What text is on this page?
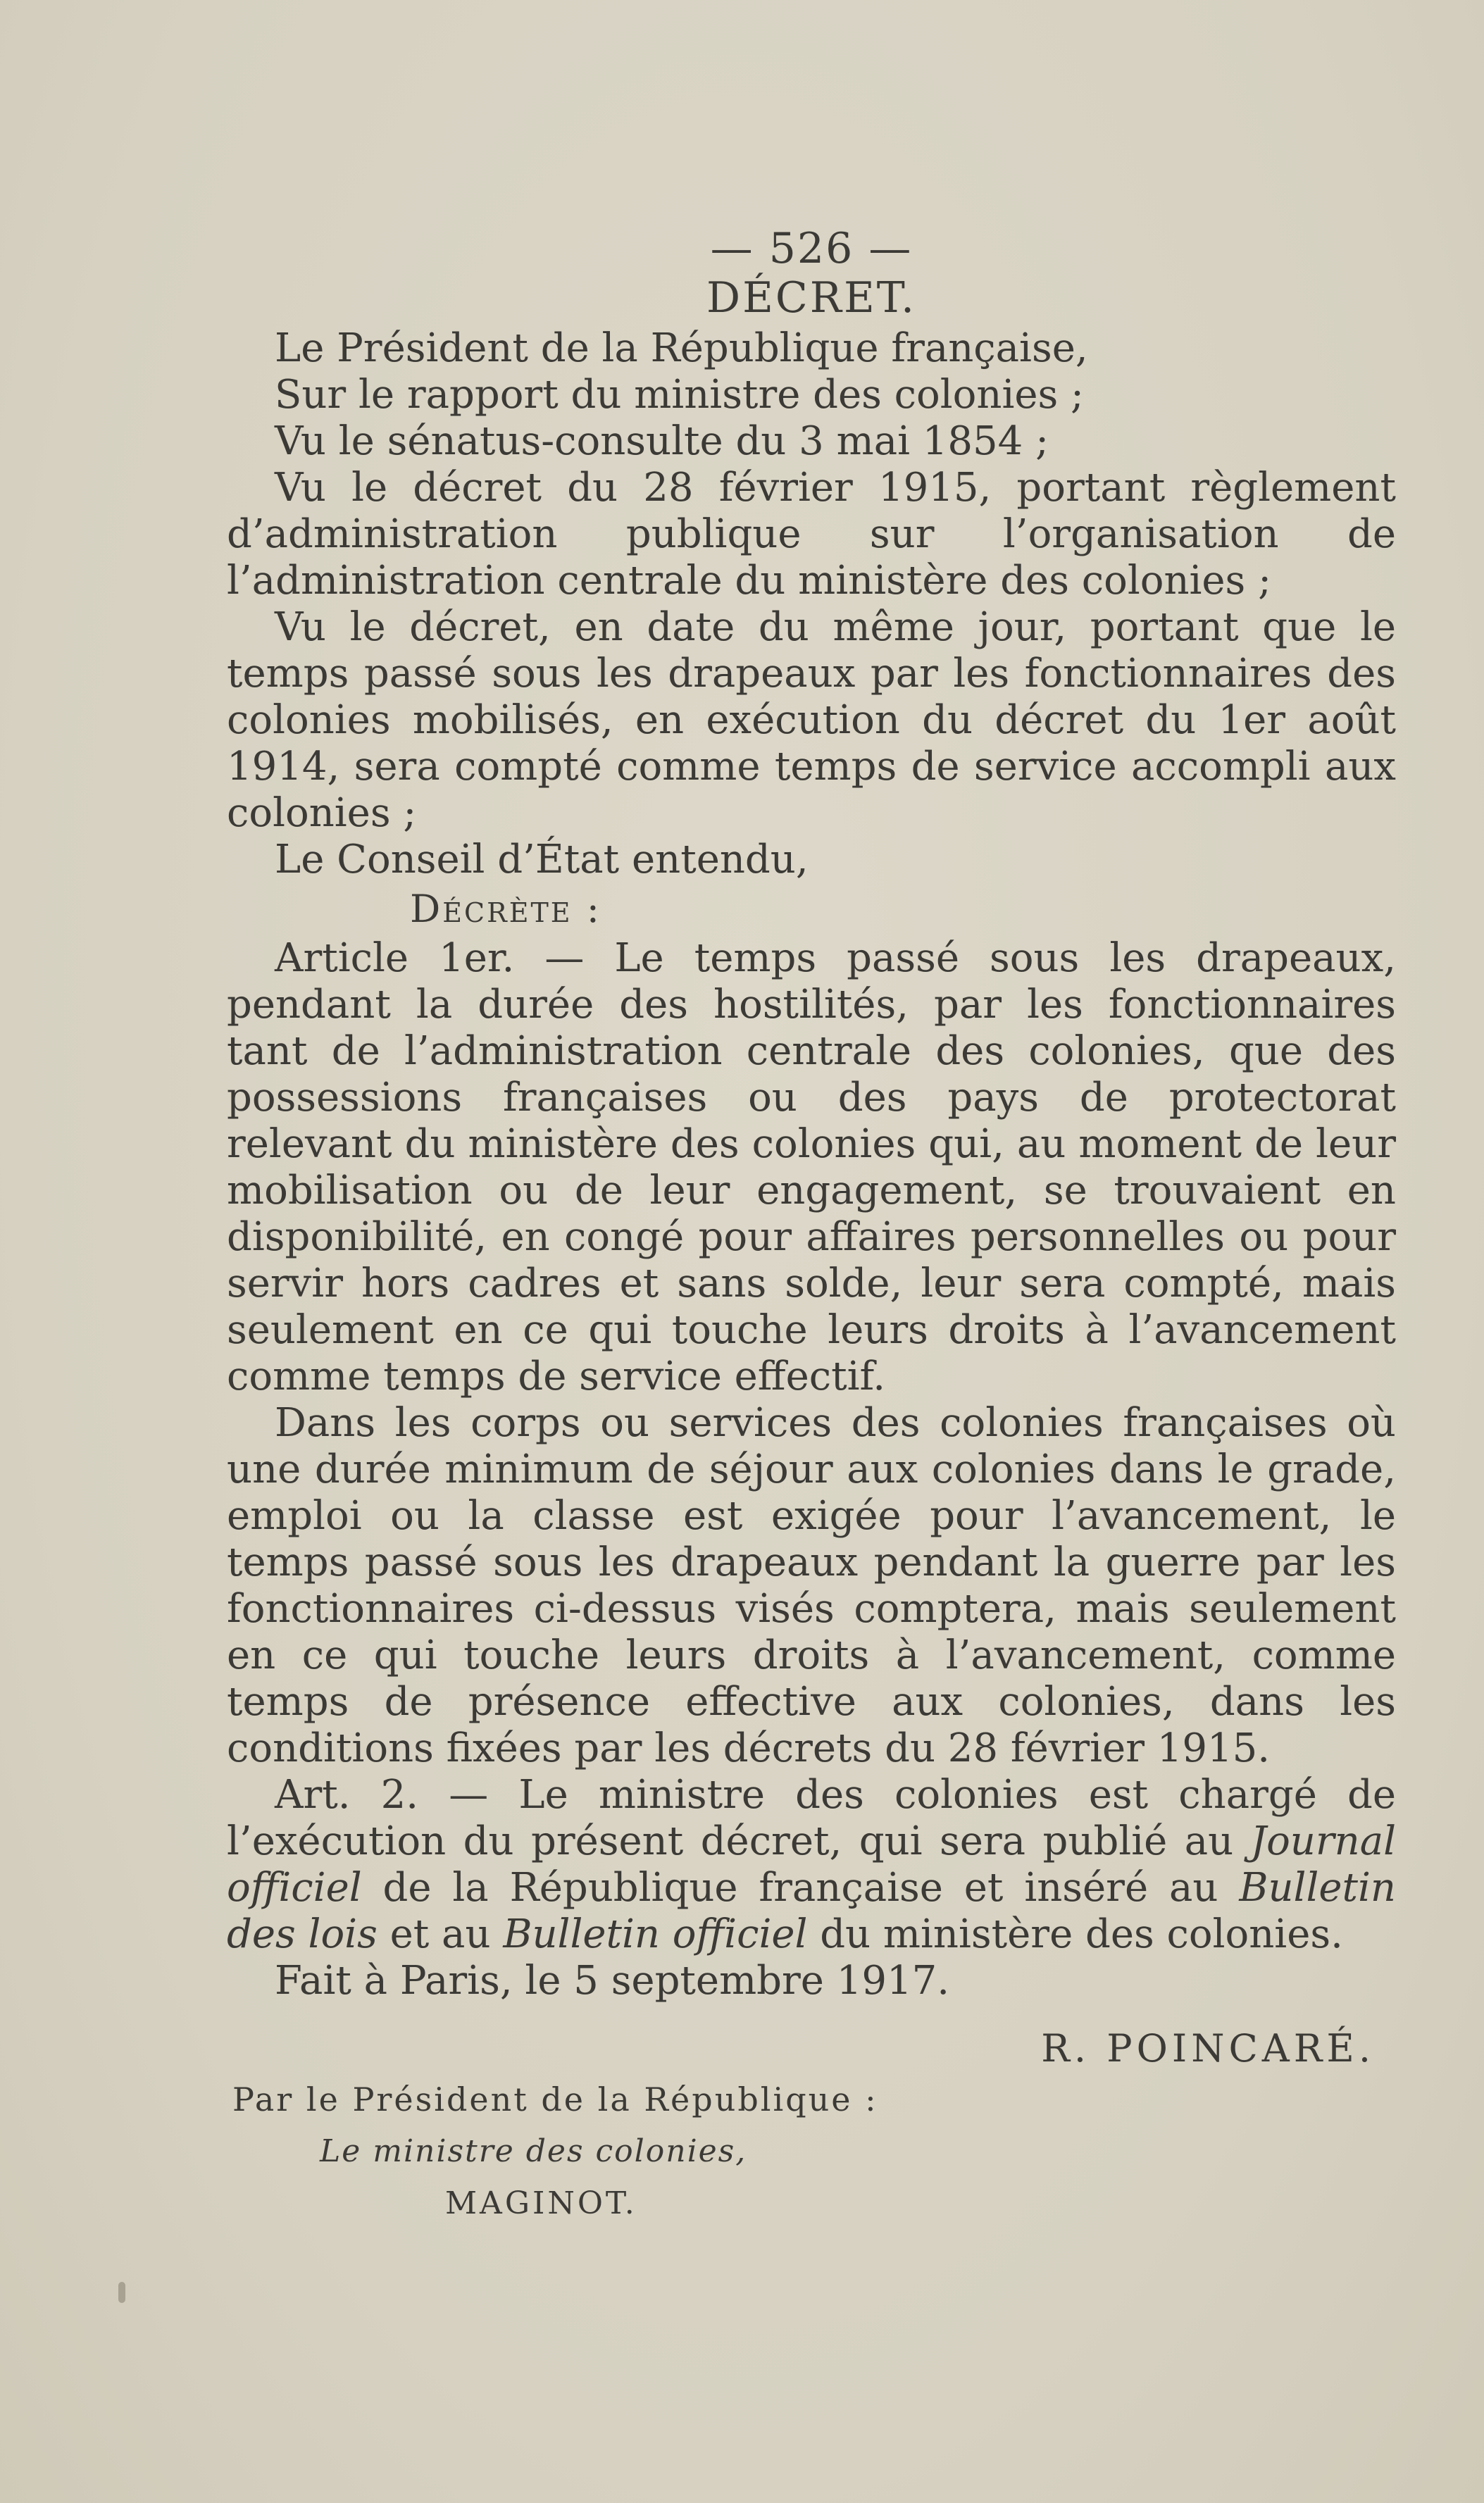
— 526 —
DÉCRET.

Le Président de la République française,

Sur le rapport du ministre des colonies ;

Vu le sénatus-consulte du 3 mai 1854 ;

Vu le décret du 28 février 1915, portant règlement d’administration publique sur l’organisation de l’administration centrale du ministère des colonies ;

Vu le décret, en date du même jour, portant que le temps passé sous les drapeaux par les fonctionnaires des colonies mobilisés, en exécution du décret du 1er août 1914, sera compté comme temps de service accompli aux colonies ;

Le Conseil d’État entendu,

Décrète :

Article 1er. — Le temps passé sous les drapeaux, pendant la durée des hostilités, par les fonctionnaires tant de l’administration centrale des colonies, que des possessions françaises ou des pays de protectorat relevant du ministère des colonies qui, au moment de leur mobilisation ou de leur engagement, se trouvaient en disponibilité, en congé pour affaires personnelles ou pour servir hors cadres et sans solde, leur sera compté, mais seulement en ce qui touche leurs droits à l’avancement comme temps de service effectif.

Dans les corps ou services des colonies françaises où une durée minimum de séjour aux colonies dans le grade, emploi ou la classe est exigée pour l’avancement, le temps passé sous les drapeaux pendant la guerre par les fonctionnaires ci-dessus visés comptera, mais seulement en ce qui touche leurs droits à l’avancement, comme temps de présence effective aux colonies, dans les conditions fixées par les décrets du 28 février 1915.

Art. 2. — Le ministre des colonies est chargé de l’exécution du présent décret, qui sera publié au Journal officiel de la République française et inséré au Bulletin des lois et au Bulletin officiel du ministère des colonies.

Fait à Paris, le 5 septembre 1917.

R. POINCARÉ.
Par le Président de la République :
Le ministre des colonies,
MAGINOT.
